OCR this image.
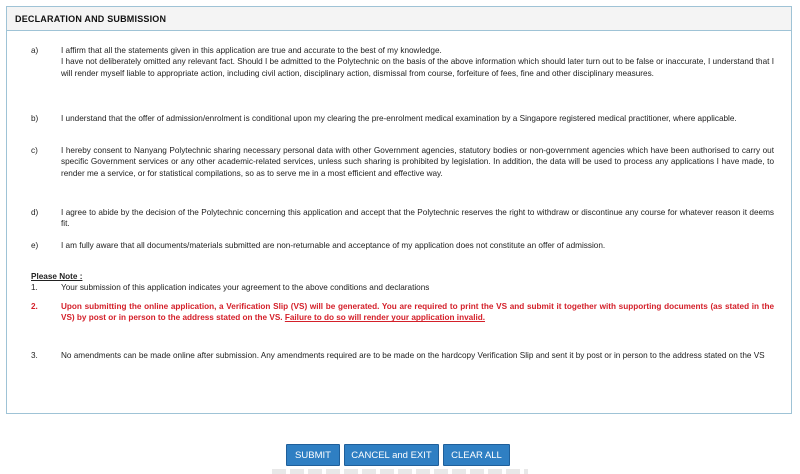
DECLARATION AND SUBMISSION
a)	I affirm that all the statements given in this application are true and accurate to the best of my knowledge.

I have not deliberately omitted any relevant fact. Should I be admitted to the Polytechnic on the basis of the above information which should later turn out to be false or inaccurate, I understand that I will render myself liable to appropriate action, including civil action, disciplinary action, dismissal from course, forfeiture of fees, fine and other disciplinary measures.

b)	I understand that the offer of admission/enrolment is conditional upon my clearing the pre-enrolment medical examination by a Singapore registered medical practitioner, where applicable.

c)	I hereby consent to Nanyang Polytechnic sharing necessary personal data with other Government agencies, statutory bodies or non-government agencies which have been authorised to carry out specific Government services or any other academic-related services, unless such sharing is prohibited by legislation. In addition, the data will be used to process any applications I have made, to render me a service, or for statistical compilations, so as to serve me in a most efficient and effective way.

d)	I agree to abide by the decision of the Polytechnic concerning this application and accept that the Polytechnic reserves the right to withdraw or discontinue any course for whatever reason it deems fit.

e)	I am fully aware that all documents/materials submitted are non-returnable and acceptance of my application does not constitute an offer of admission.

Please Note :
1.	Your submission of this application indicates your agreement to the above conditions and declarations
2.	Upon submitting the online application, a Verification Slip (VS) will be generated. You are required to print the VS and submit it together with supporting documents (as stated in the VS) by post or in person to the address stated on the VS. Failure to do so will render your application invalid.
3.	No amendments can be made online after submission. Any amendments required are to be made on the hardcopy Verification Slip and sent it by post or in person to the address stated on the VS
SUBMIT	CANCEL and EXIT	CLEAR ALL
